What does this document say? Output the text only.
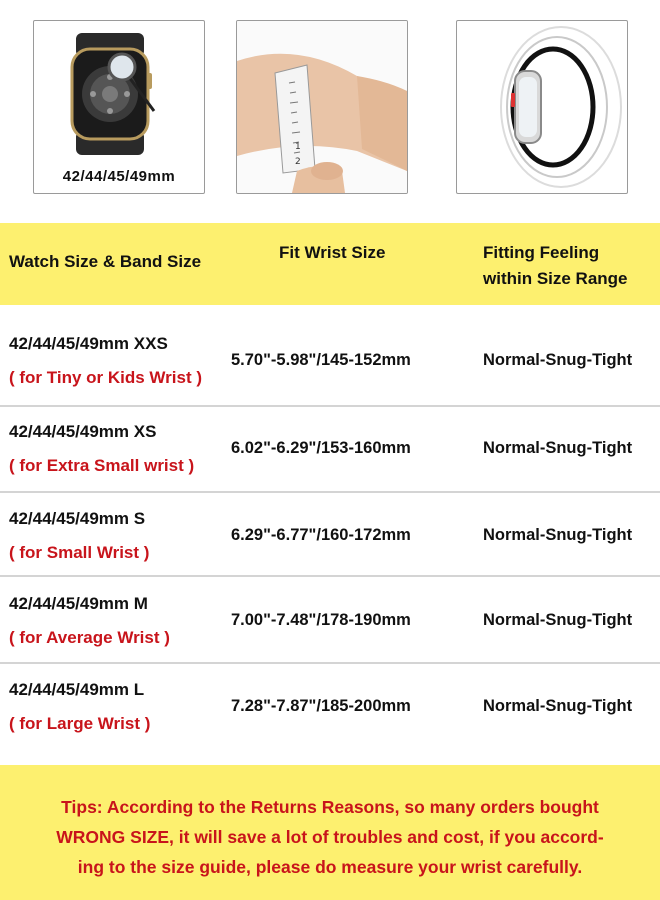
42/44/45/49mm
1
2
Watch Size & Band Size	Fit Wrist Size	Fitting Feeling
within Size Range
42/44/45/49mm XXS
( for Tiny or Kids Wrist )
5.70"-5.98"/145-152mm	Normal-Snug-Tight
42/44/45/49mm XS
( for Extra Small wrist )
6.02"-6.29"/153-160mm	Normal-Snug-Tight
42/44/45/49mm S
( for Small Wrist )
6.29"-6.77"/160-172mm	Normal-Snug-Tight
42/44/45/49mm M
( for Average Wrist )
7.00"-7.48"/178-190mm	Normal-Snug-Tight
42/44/45/49mm L
( for Large Wrist )
7.28"-7.87"/185-200mm	Normal-Snug-Tight
Tips: According to the Returns Reasons, so many orders bought
WRONG SIZE, it will save a lot of troubles and cost, if you accord-
ing to the size guide, please do measure your wrist carefully.
